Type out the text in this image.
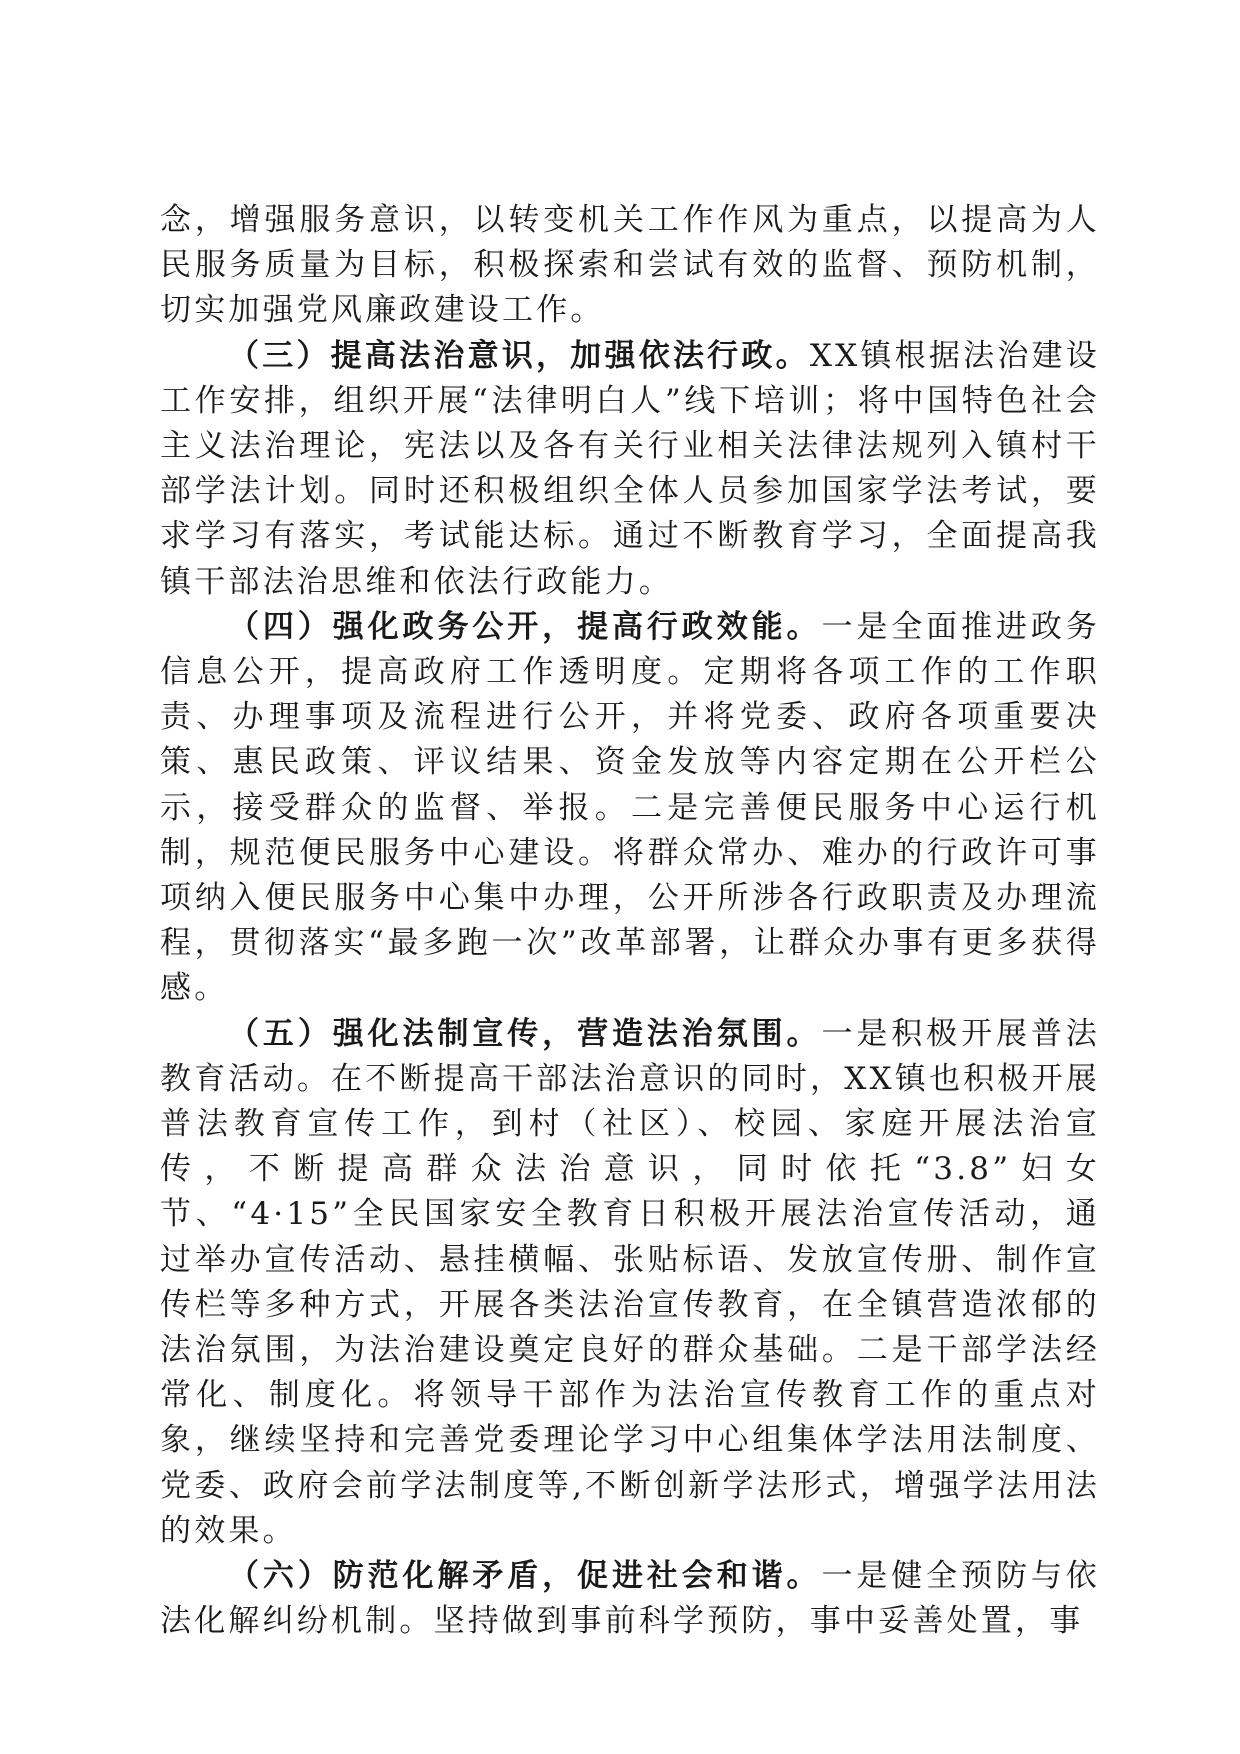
念，增强服务意识，以转变机关工作作风为重点，以提高为人民服务质量为目标，积极探索和尝试有效的监督、预防机制，切实加强党风廉政建设工作。

（三）提高法治意识，加强依法行政。XX镇根据法治建设工作安排，组织开展“法律明白人”线下培训；将中国特色社会主义法治理论，宪法以及各有关行业相关法律法规列入镇村干部学法计划。同时还积极组织全体人员参加国家学法考试，要求学习有落实，考试能达标。通过不断教育学习，全面提高我镇干部法治思维和依法行政能力。

（四）强化政务公开，提高行政效能。一是全面推进政务信息公开，提高政府工作透明度。定期将各项工作的工作职责、办理事项及流程进行公开，并将党委、政府各项重要决策、惠民政策、评议结果、资金发放等内容定期在公开栏公示，接受群众的监督、举报。二是完善便民服务中心运行机制，规范便民服务中心建设。将群众常办、难办的行政许可事项纳入便民服务中心集中办理，公开所涉各行政职责及办理流程，贯彻落实“最多跑一次”改革部署，让群众办事有更多获得感。

（五）强化法制宣传，营造法治氛围。一是积极开展普法教育活动。在不断提高干部法治意识的同时，XX镇也积极开展普法教育宣传工作，到村（社区）、校园、家庭开展法治宣传，不断提高群众法治意识，同时依托“3.8”妇女节、“4·15”全民国家安全教育日积极开展法治宣传活动，通过举办宣传活动、悬挂横幅、张贴标语、发放宣传册、制作宣传栏等多种方式，开展各类法治宣传教育，在全镇营造浓郁的法治氛围，为法治建设奠定良好的群众基础。二是干部学法经常化、制度化。将领导干部作为法治宣传教育工作的重点对象，继续坚持和完善党委理论学习中心组集体学法用法制度、党委、政府会前学法制度等,不断创新学法形式，增强学法用法的效果。

（六）防范化解矛盾，促进社会和谐。一是健全预防与依法化解纠纷机制。坚持做到事前科学预防，事中妥善处置，事
